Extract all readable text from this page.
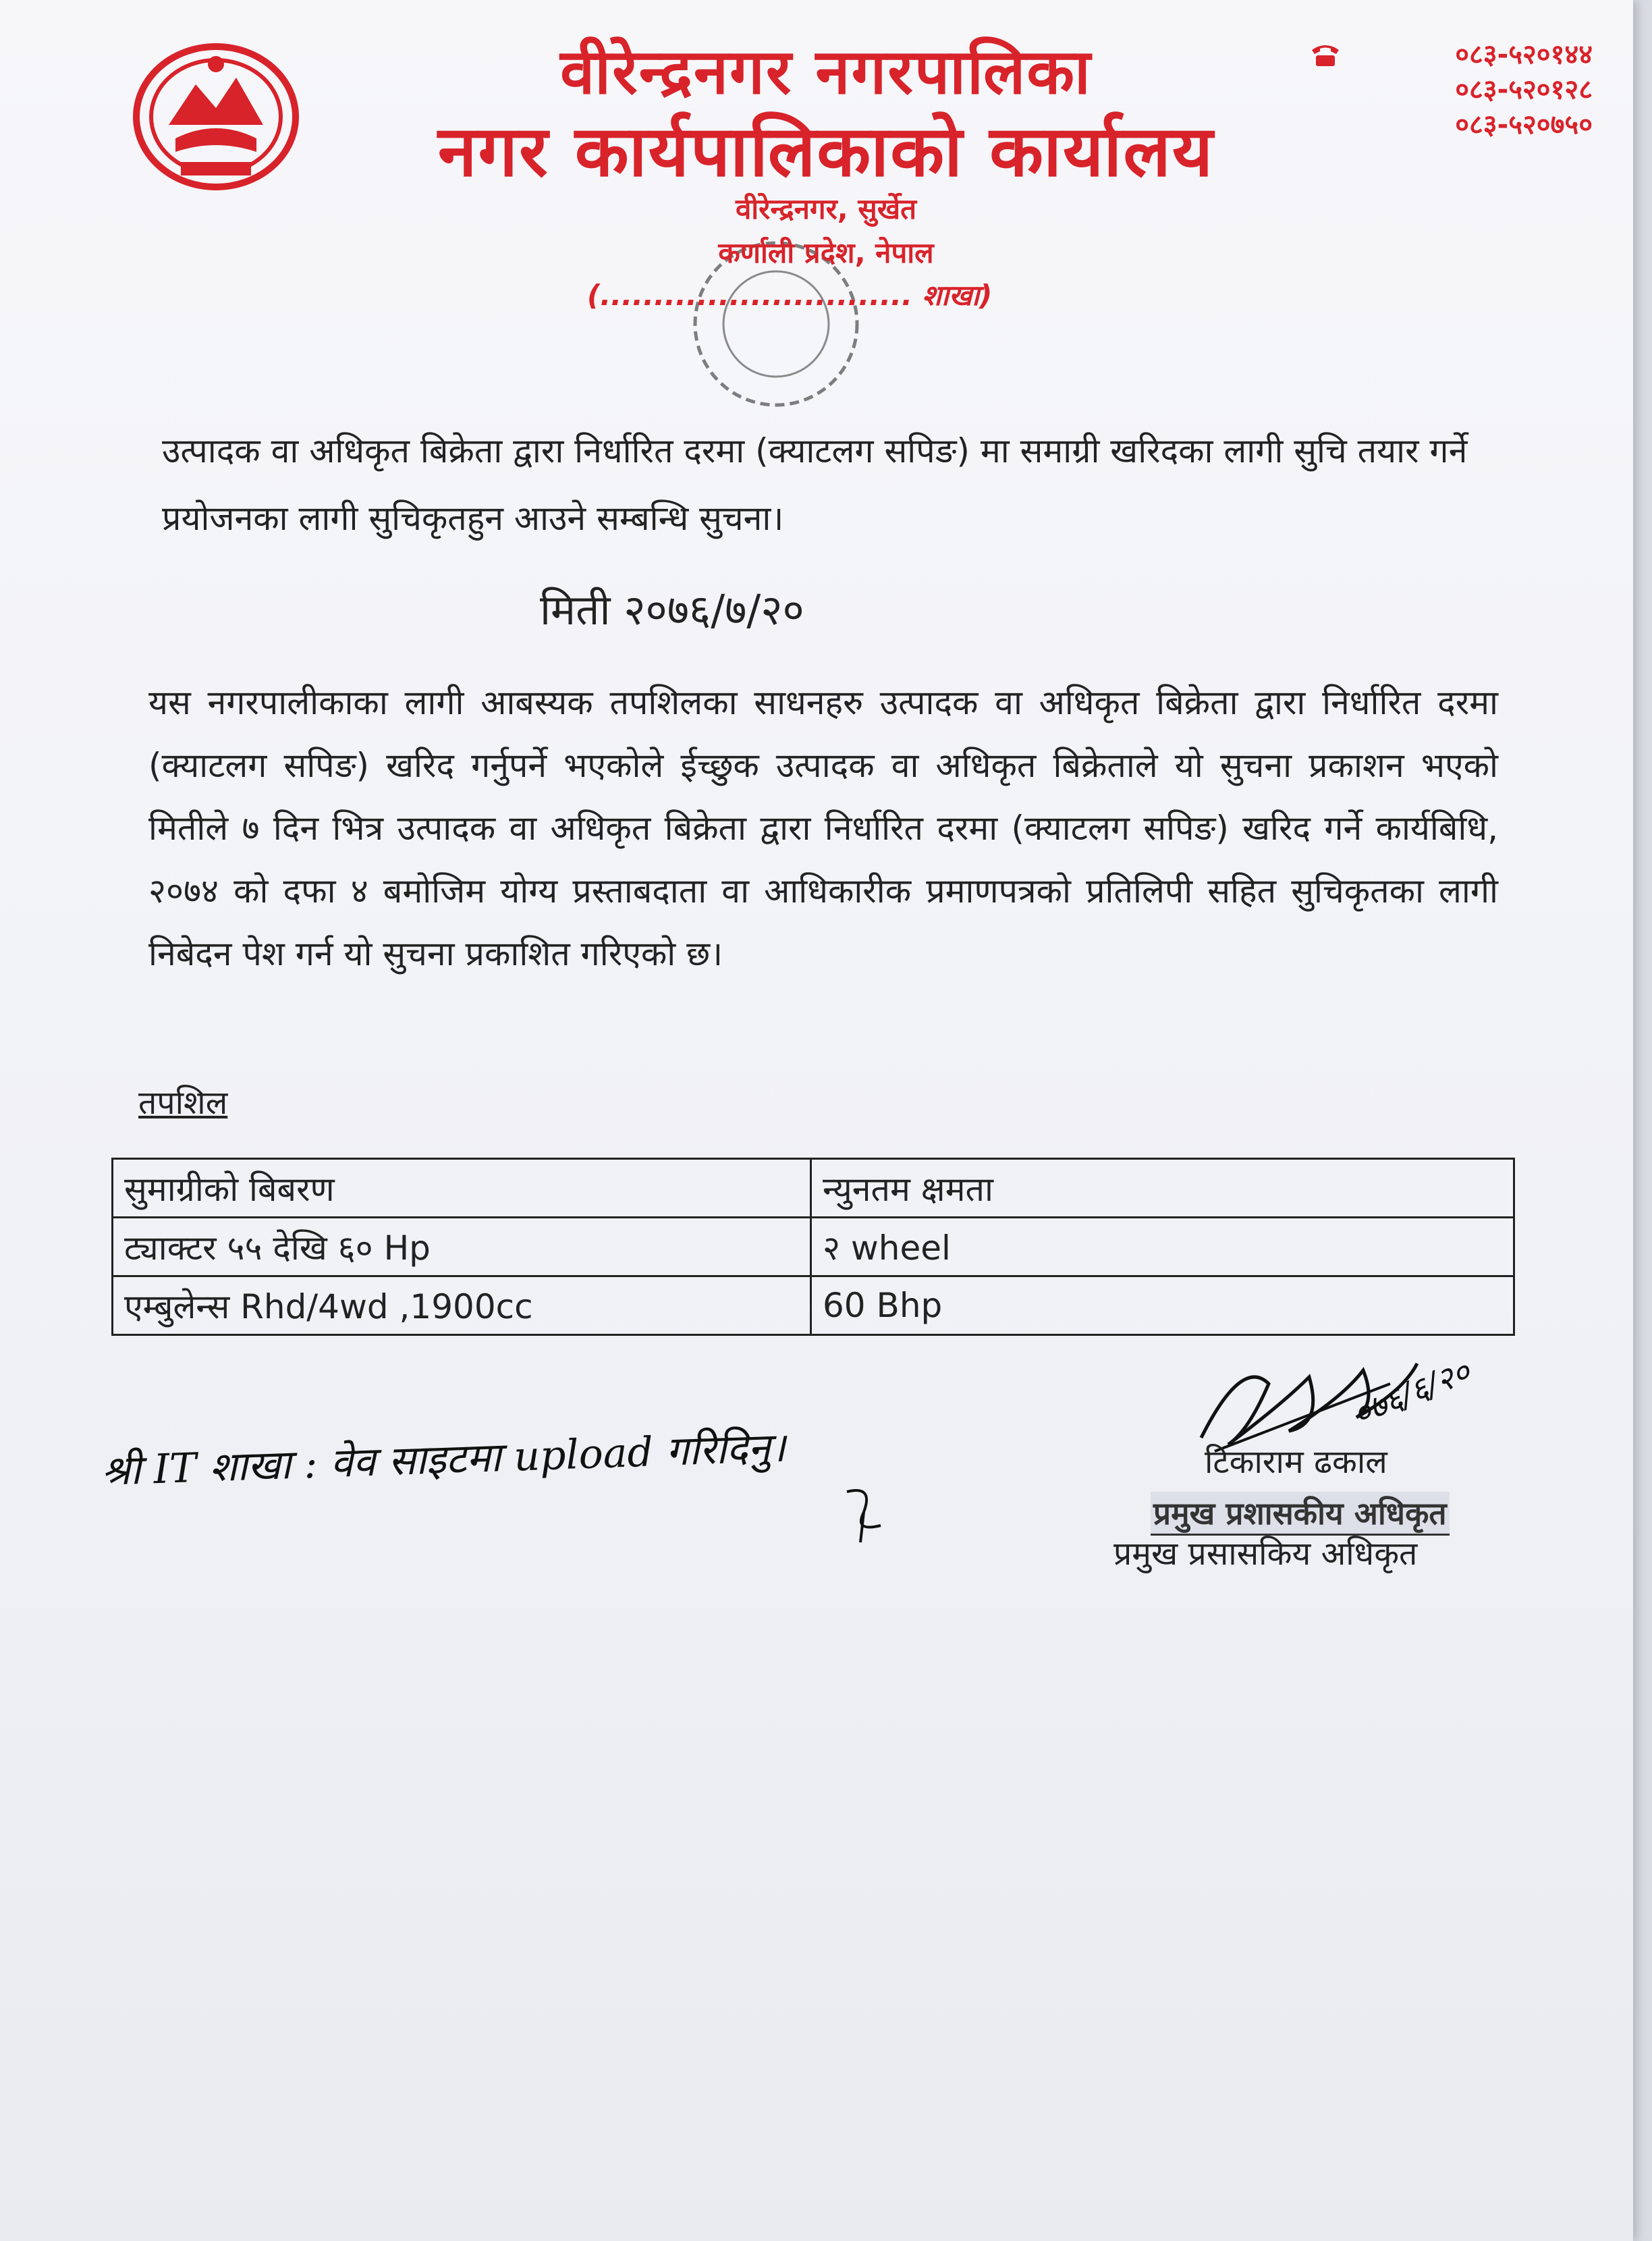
वीरेन्द्रनगर नगरपालिका
नगर कार्यपालिकाको कार्यालय
०८३-५२०१४४
०८३-५२०१२८
०८३-५२०७५०
वीरेन्द्रनगर, सुर्खेत
कर्णाली प्रदेश, नेपाल
(............................. शाखा)
उत्पादक वा अधिकृत बिक्रेता द्वारा निर्धारित दरमा (क्याटलग सपिङ) मा समाग्री खरिदका लागी सुचि तयार गर्ने प्रयोजनका लागी सुचिकृतहुन आउने सम्बन्धि सुचना।
मिती २०७६/७/२०
यस नगरपालीकाका लागी आबस्यक तपशिलका साधनहरु उत्पादक वा अधिकृत बिक्रेता द्वारा निर्धारित दरमा (क्याटलग सपिङ) खरिद गर्नुपर्ने भएकोले ईच्छुक उत्पादक वा अधिकृत बिक्रेताले यो सुचना प्रकाशन भएको मितीले ७ दिन भित्र उत्पादक वा अधिकृत बिक्रेता द्वारा निर्धारित दरमा (क्याटलग सपिङ) खरिद गर्ने कार्यबिधि, २०७४ को दफा ४ बमोजिम योग्य प्रस्ताबदाता वा आधिकारीक प्रमाणपत्रको प्रतिलिपी सहित सुचिकृतका लागी निबेदन पेश गर्न यो सुचना प्रकाशित गरिएको छ।
तपशिल
सुमाग्रीको बिबरण	न्युनतम क्षमता
ट्याक्टर ५५ देखि ६० Hp	२ wheel
एम्बुलेन्स Rhd/4wd ,1900cc	60 Bhp
श्री IT शाखा : वेव साइटमा upload गरिदिनु।
०७६/६/२०
टिकाराम ढकाल
प्रमुख प्रशासकीय अधिकृत
प्रमुख प्रसासकिय अधिकृत
